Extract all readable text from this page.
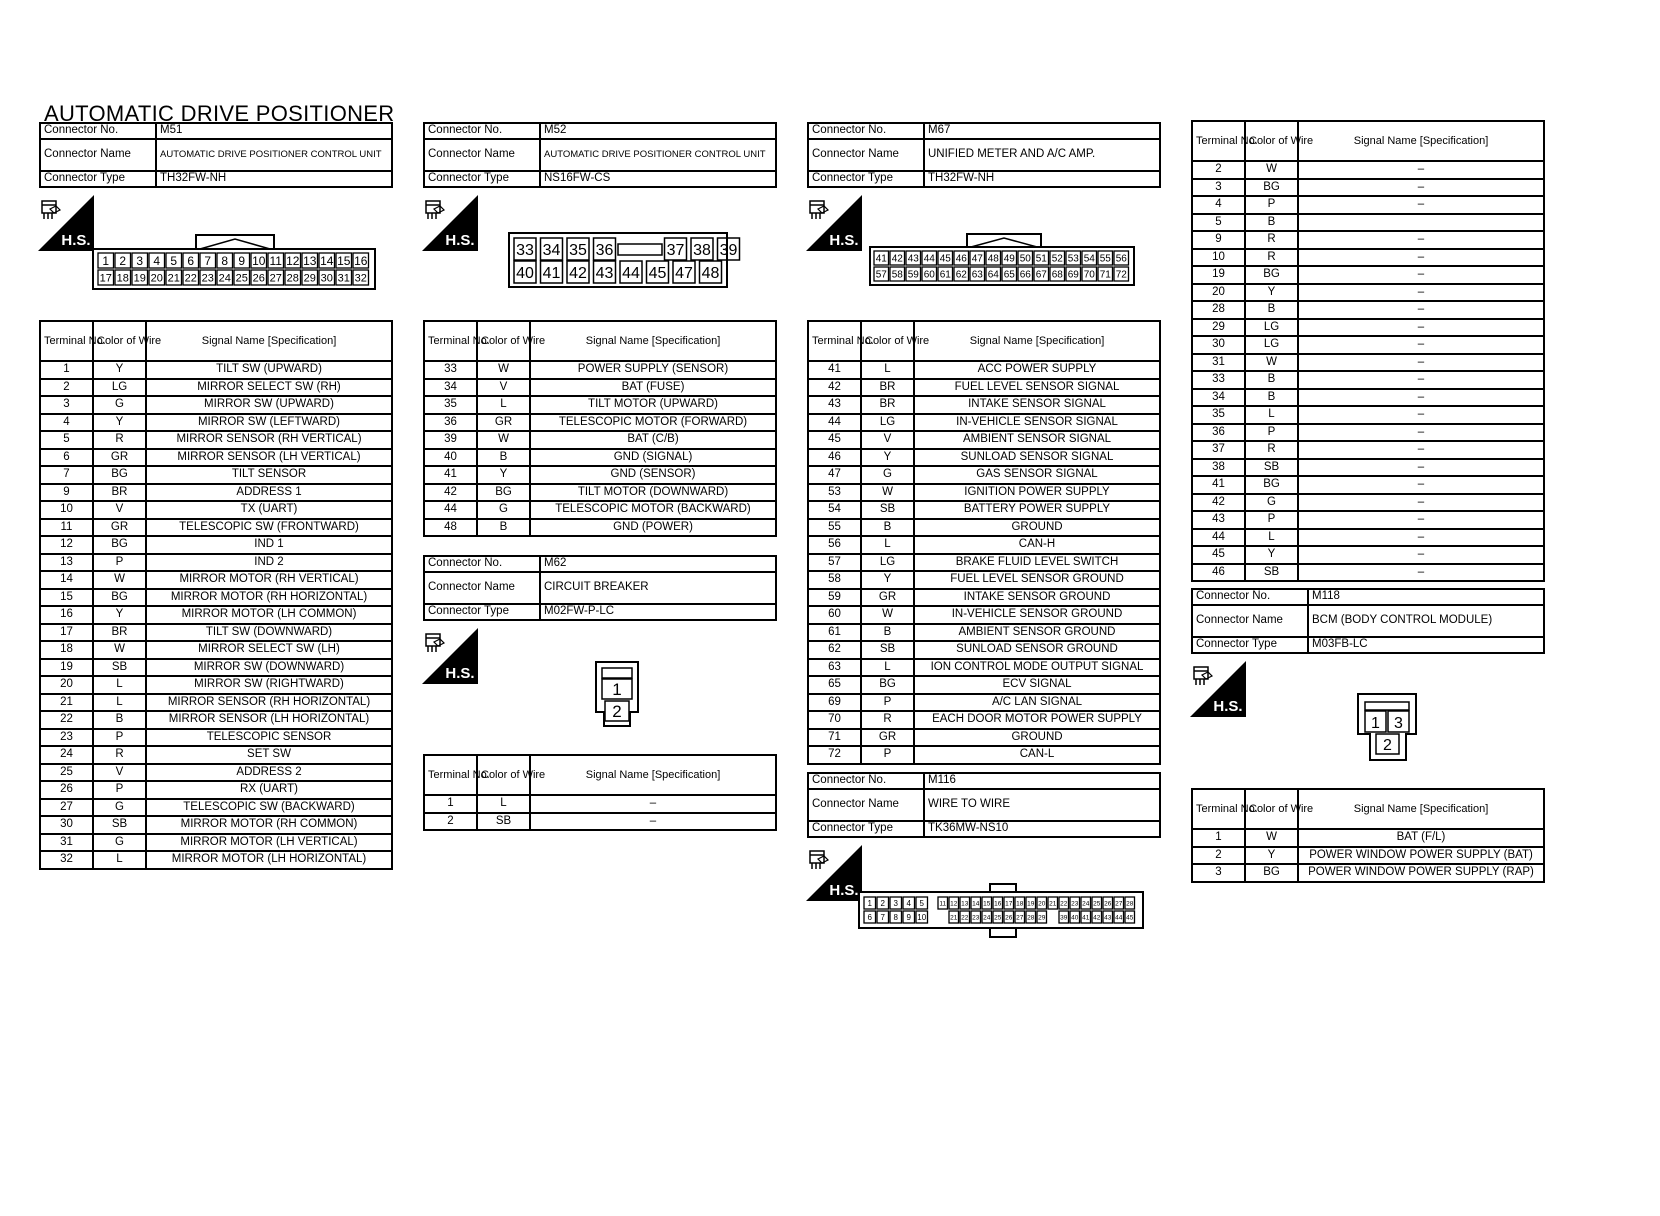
AUTOMATIC DRIVE POSITIONER
Connector No.	M51
Connector Name	AUTOMATIC DRIVE POSITIONER CONTROL UNIT
Connector Type	TH32FW-NH
1 2 3 4 5 6 7 8 9 10 11 12 13 14 15 16
17 18 19 20 21 22 23 24 25 26 27 28 29 30 31 32
Terminal No.	Color of Wire	Signal Name [Specification]
1	Y	TILT SW (UPWARD)
2	LG	MIRROR SELECT SW (RH)
3	G	MIRROR SW (UPWARD)
4	Y	MIRROR SW (LEFTWARD)
5	R	MIRROR SENSOR (RH VERTICAL)
6	GR	MIRROR SENSOR (LH VERTICAL)
7	BG	TILT SENSOR
9	BR	ADDRESS 1
10	V	TX (UART)
11	GR	TELESCOPIC SW (FRONTWARD)
12	BG	IND 1
13	P	IND 2
14	W	MIRROR MOTOR (RH VERTICAL)
15	BG	MIRROR MOTOR (RH HORIZONTAL)
16	Y	MIRROR MOTOR (LH COMMON)
17	BR	TILT SW (DOWNWARD)
18	W	MIRROR SELECT SW (LH)
19	SB	MIRROR SW (DOWNWARD)
20	L	MIRROR SW (RIGHTWARD)
21	L	MIRROR SENSOR (RH HORIZONTAL)
22	B	MIRROR SENSOR (LH HORIZONTAL)
23	P	TELESCOPIC SENSOR
24	R	SET SW
25	V	ADDRESS 2
26	P	RX (UART)
27	G	TELESCOPIC SW (BACKWARD)
30	SB	MIRROR MOTOR (RH COMMON)
31	G	MIRROR MOTOR (LH VERTICAL)
32	L	MIRROR MOTOR (LH HORIZONTAL)
Connector No.	M52
Connector Name	AUTOMATIC DRIVE POSITIONER CONTROL UNIT
Connector Type	NS16FW-CS
33 34 35 36	37 38 39
40 41 42 43 44 45 47 48
Terminal No.	Color of Wire	Signal Name [Specification]
33	W	POWER SUPPLY (SENSOR)
34	V	BAT (FUSE)
35	L	TILT MOTOR (UPWARD)
36	GR	TELESCOPIC MOTOR (FORWARD)
39	W	BAT (C/B)
40	B	GND (SIGNAL)
41	Y	GND (SENSOR)
42	BG	TILT MOTOR (DOWNWARD)
44	G	TELESCOPIC MOTOR (BACKWARD)
48	B	GND (POWER)
Connector No.	M62
Connector Name	CIRCUIT BREAKER
Connector Type	M02FW-P-LC
1
2
Terminal No.	Color of Wire	Signal Name [Specification]
1	L	–
2	SB	–
Connector No.	M67
Connector Name	UNIFIED METER AND A/C AMP.
Connector Type	TH32FW-NH
41 42 43 44 45 46 47 48 49 50 51 52 53 54 55 56
57 58 59 60 61 62 63 64 65 66 67 68 69 70 71 72
Terminal No.	Color of Wire	Signal Name [Specification]
41	L	ACC POWER SUPPLY
42	BR	FUEL LEVEL SENSOR SIGNAL
43	BR	INTAKE SENSOR SIGNAL
44	LG	IN-VEHICLE SENSOR SIGNAL
45	V	AMBIENT SENSOR SIGNAL
46	Y	SUNLOAD SENSOR SIGNAL
47	G	GAS SENSOR SIGNAL
53	W	IGNITION POWER SUPPLY
54	SB	BATTERY POWER SUPPLY
55	B	GROUND
56	L	CAN-H
57	LG	BRAKE FLUID LEVEL SWITCH
58	Y	FUEL LEVEL SENSOR GROUND
59	GR	INTAKE SENSOR GROUND
60	W	IN-VEHICLE SENSOR GROUND
61	B	AMBIENT SENSOR GROUND
62	SB	SUNLOAD SENSOR GROUND
63	L	ION CONTROL MODE OUTPUT SIGNAL
65	BG	ECV SIGNAL
69	P	A/C LAN SIGNAL
70	R	EACH DOOR MOTOR POWER SUPPLY
71	GR	GROUND
72	P	CAN-L
Connector No.	M116
Connector Name	WIRE TO WIRE
Connector Type	TK36MW-NS10
1 2 3 4 5
6 7 8 9 10
11 12 13 14 15 16 17 18 19 20 21 22 23 24 25 26 27 28
21 22 23 24 25 26 27 28 29 39 40 41 42 43 44 45
Terminal No.	Color of Wire	Signal Name [Specification]
2	W	–
3	BG	–
4	P	–
5	B	
9	R	–
10	R	–
19	BG	–
20	Y	–
28	B	–
29	LG	–
30	LG	–
31	W	–
33	B	–
34	B	–
35	L	–
36	P	–
37	R	–
38	SB	–
41	BG	–
42	G	–
43	P	–
44	L	–
45	Y	–
46	SB	–
Connector No.	M118
Connector Name	BCM (BODY CONTROL MODULE)
Connector Type	M03FB-LC
1 3
2
Terminal No.	Color of Wire	Signal Name [Specification]
1	W	BAT (F/L)
2	Y	POWER WINDOW POWER SUPPLY (BAT)
3	BG	POWER WINDOW POWER SUPPLY (RAP)
